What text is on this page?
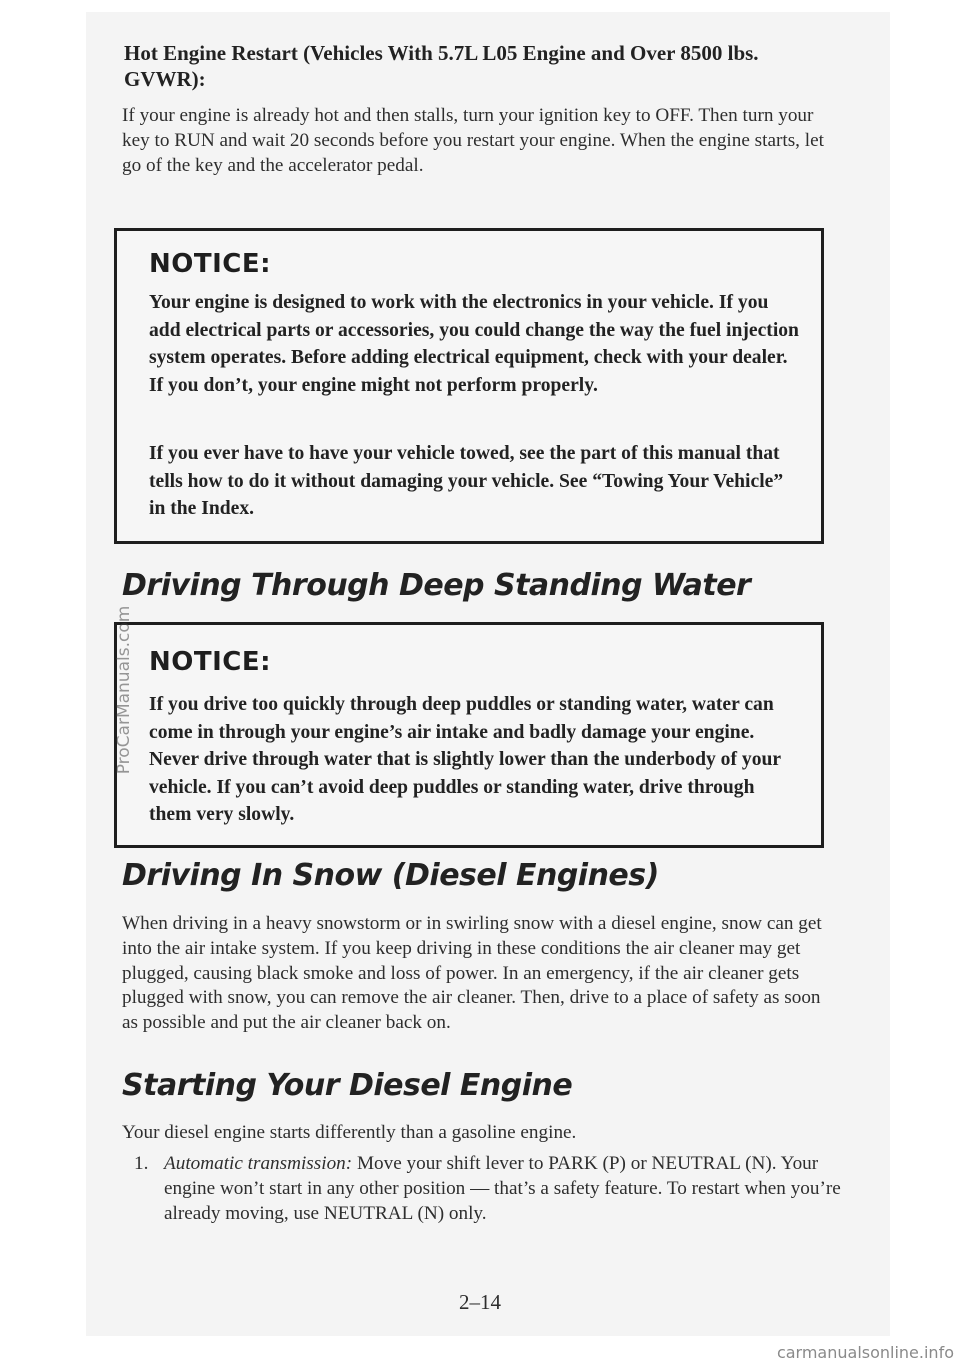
Hot Engine Restart (Vehicles With 5.7L L05 Engine and Over 8500 lbs. GVWR):

If your engine is already hot and then stalls, turn your ignition key to OFF. Then turn your key to RUN and wait 20 seconds before you restart your engine. When the engine starts, let go of the key and the accelerator pedal.

NOTICE:

Your engine is designed to work with the electronics in your vehicle. If you add electrical parts or accessories, you could change the way the fuel injection system operates. Before adding electrical equipment, check with your dealer. If you don’t, your engine might not perform properly.

If you ever have to have your vehicle towed, see the part of this manual that tells how to do it without damaging your vehicle. See “Towing Your Vehicle” in the Index.

Driving Through Deep Standing Water
NOTICE:

If you drive too quickly through deep puddles or standing water, water can come in through your engine’s air intake and badly damage your engine. Never drive through water that is slightly lower than the underbody of your vehicle. If you can’t avoid deep puddles or standing water, drive through them very slowly.

Driving In Snow (Diesel Engines)

When driving in a heavy snowstorm or in swirling snow with a diesel engine, snow can get into the air intake system. If you keep driving in these conditions the air cleaner may get plugged, causing black smoke and loss of power. In an emergency, if the air cleaner gets plugged with snow, you can remove the air cleaner. Then, drive to a place of safety as soon as possible and put the air cleaner back on.

Starting Your Diesel Engine

Your diesel engine starts differently than a gasoline engine.

1. Automatic transmission: Move your shift lever to PARK (P) or NEUTRAL (N). Your engine won’t start in any other position — that’s a safety feature. To restart when you’re already moving, use NEUTRAL (N) only.

2–14

ProCarManuals.com

carmanualsonline.info
